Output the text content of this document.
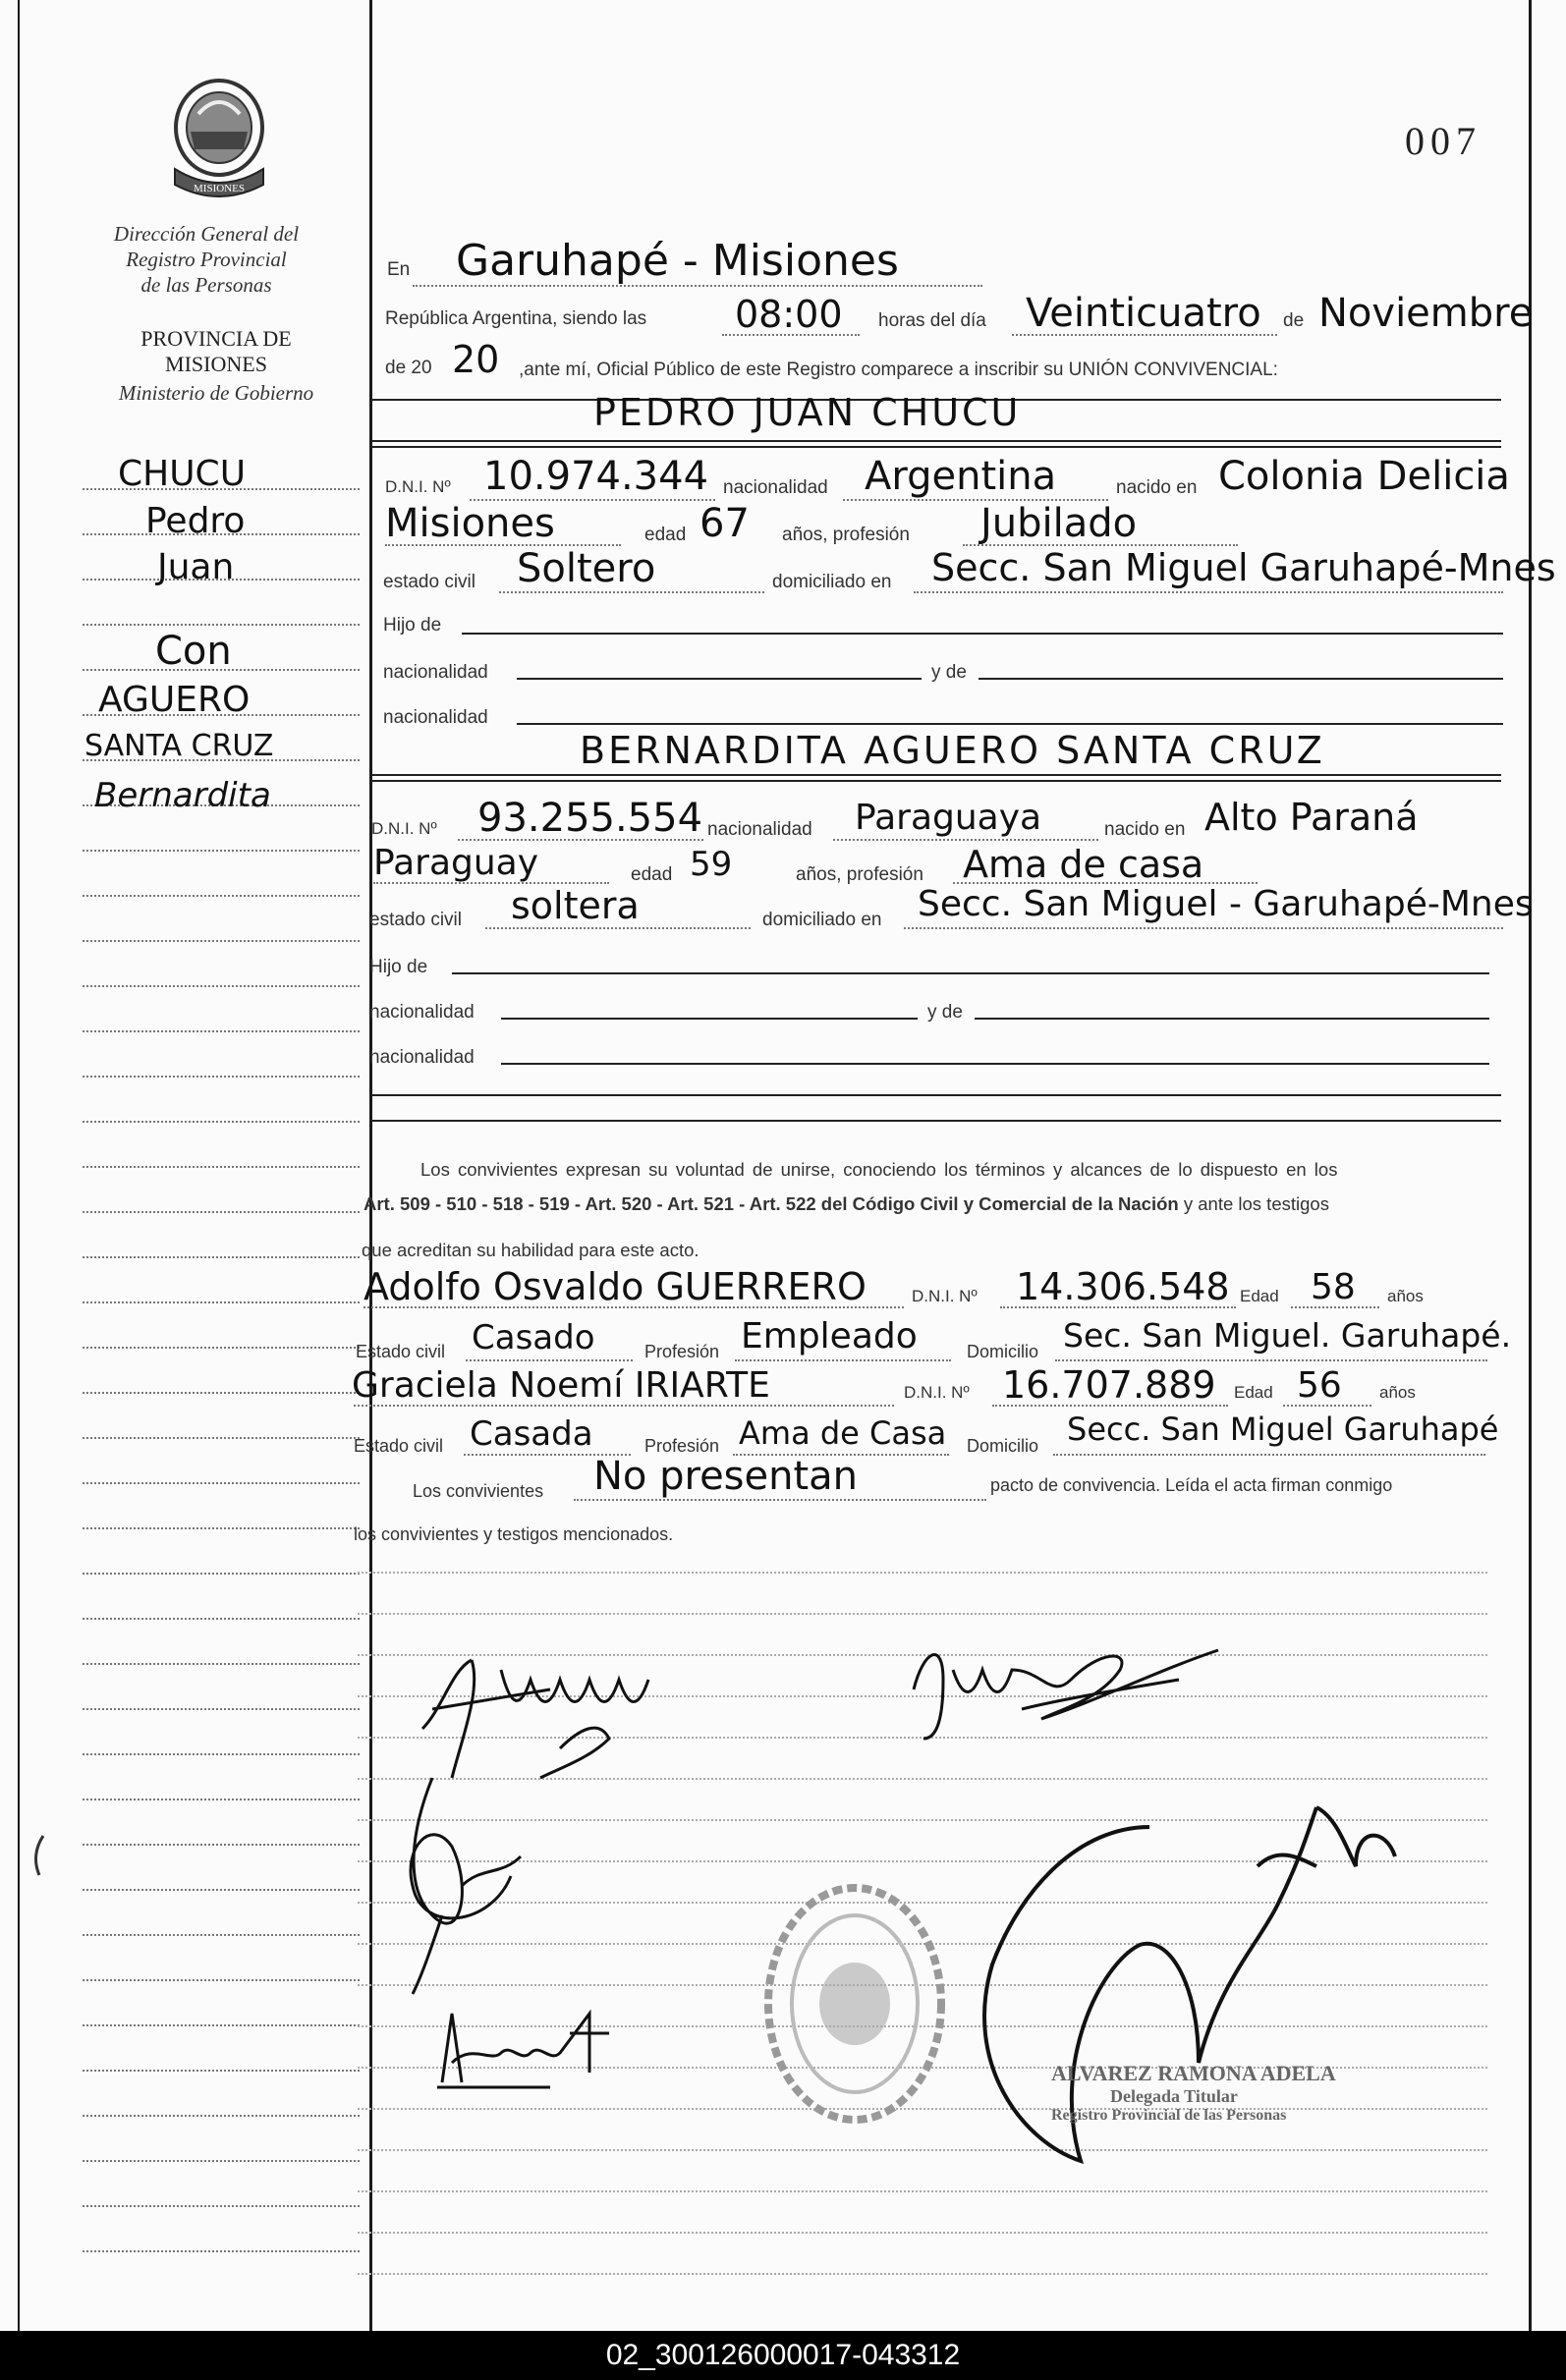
007
MISIONES
Dirección General del
Registro Provincial
de las Personas
PROVINCIA DE
MISIONES
Ministerio de Gobierno
CHUCU
Pedro
Juan
Con
AGUERO
SANTA CRUZ
Bernardita
En Garuhapé - Misiones
República Argentina, siendo las 08:00 horas del día Veinticuatro de Noviembre
de 20 20 ,ante mí, Oficial Público de este Registro comparece a inscribir su UNIÓN CONVIVENCIAL:
PEDRO JUAN CHUCU
D.N.I. Nº 10.974.344 nacionalidad Argentina	nacido en Colonia Delicia
Misiones	edad 67 años, profesión Jubilado
estado civil Soltero	domiciliado en Secc. San Miguel Garuhapé-Mnes
Hijo de
nacionalidad	y de
nacionalidad
BERNARDITA AGUERO SANTA CRUZ
D.N.I. Nº 93.255.554 nacionalidad Paraguaya	nacido en Alto Paraná
Paraguay	edad 59	años, profesión Ama de casa
estado civil soltera	domiciliado en Secc. San Miguel - Garuhapé-Mnes
Hijo de
nacionalidad	y de
nacionalidad
Los convivientes expresan su voluntad de unirse, conociendo los términos y alcances de lo dispuesto en los
Art. 509 - 510 - 518 - 519 - Art. 520 - Art. 521 - Art. 522 del Código Civil y Comercial de la Nación y ante los testigos
que acreditan su habilidad para este acto.
Adolfo Osvaldo GUERRERO	D.N.I. Nº 14.306.548 Edad 58 años
Estado civil Casado	Profesión Empleado	Domicilio Sec. San Miguel. Garuhapé.
Graciela Noemí IRIARTE	D.N.I. Nº 16.707.889 Edad 56 años
Estado civil Casada	Profesión Ama de Casa Domicilio Secc. San Miguel Garuhapé
Los convivientes No presentan	pacto de convivencia. Leída el acta firman conmigo
los convivientes y testigos mencionados.
ALVAREZ RAMONA ADELA
Delegada Titular
Registro Provincial de las Personas
02_300126000017-043312
